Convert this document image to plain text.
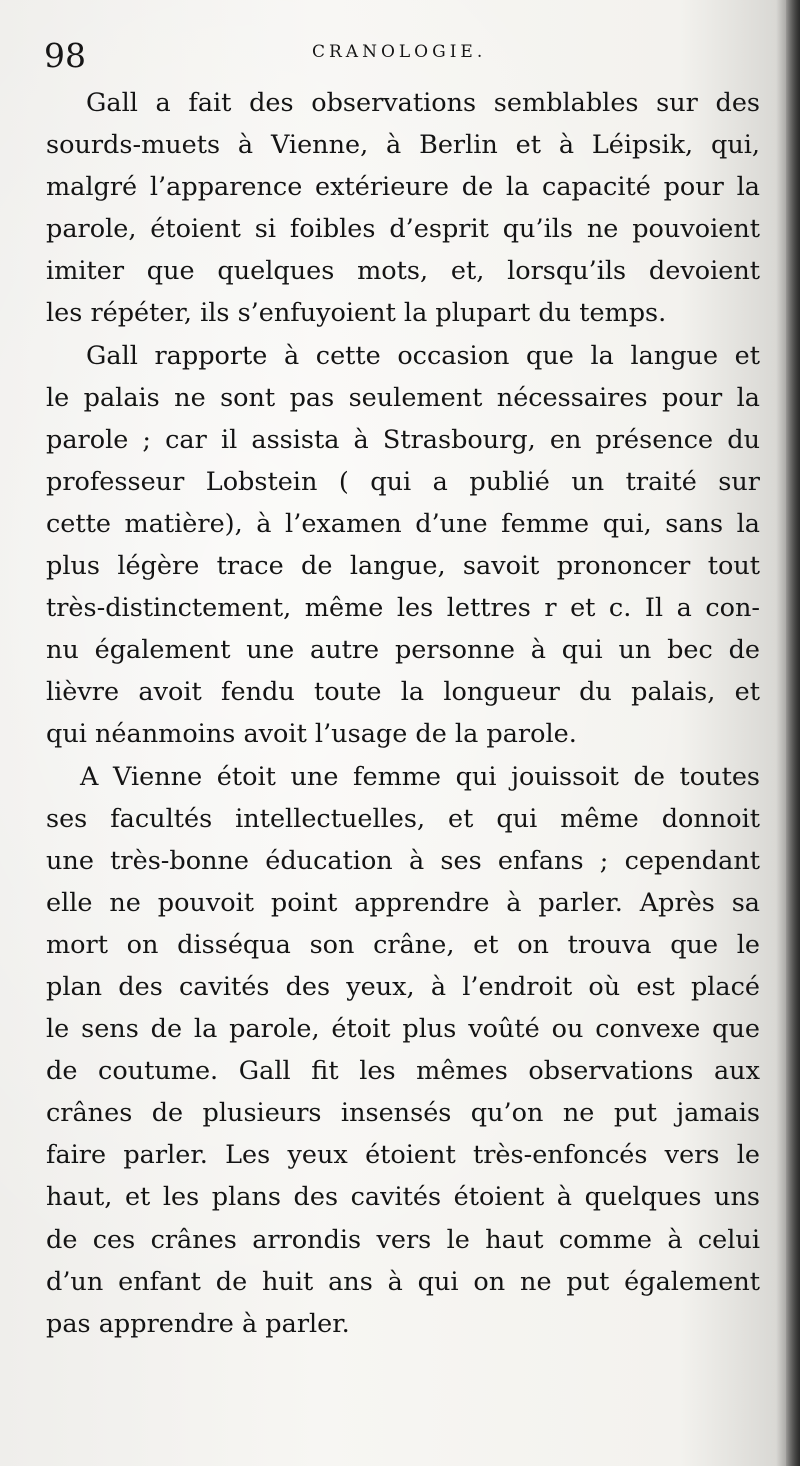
98	CRANOLOGIE.
Gall a fait des observations semblables sur des
sourds-muets à Vienne, à Berlin et à Léipsik, qui,
malgré l’apparence extérieure de la capacité pour la
parole, étoient si foibles d’esprit qu’ils ne pouvoient
imiter que quelques mots, et, lorsqu’ils devoient
les répéter, ils s’enfuyoient la plupart du temps.
Gall rapporte à cette occasion que la langue et
le palais ne sont pas seulement nécessaires pour la
parole ; car il assista à Strasbourg, en présence du
professeur Lobstein ( qui a publié un traité sur
cette matière), à l’examen d’une femme qui, sans la
plus légère trace de langue, savoit prononcer tout
très-distinctement, même les lettres r et c. Il a con-
nu également une autre personne à qui un bec de
lièvre avoit fendu toute la longueur du palais, et
qui néanmoins avoit l’usage de la parole.
A Vienne étoit une femme qui jouissoit de toutes
ses facultés intellectuelles, et qui même donnoit
une très-bonne éducation à ses enfans ; cependant
elle ne pouvoit point apprendre à parler. Après sa
mort on disséqua son crâne, et on trouva que le
plan des cavités des yeux, à l’endroit où est placé
le sens de la parole, étoit plus voûté ou convexe que
de coutume. Gall fit les mêmes observations aux
crânes de plusieurs insensés qu’on ne put jamais
faire parler. Les yeux étoient très-enfoncés vers le
haut, et les plans des cavités étoient à quelques uns
de ces crânes arrondis vers le haut comme à celui
d’un enfant de huit ans à qui on ne put également
pas apprendre à parler.
